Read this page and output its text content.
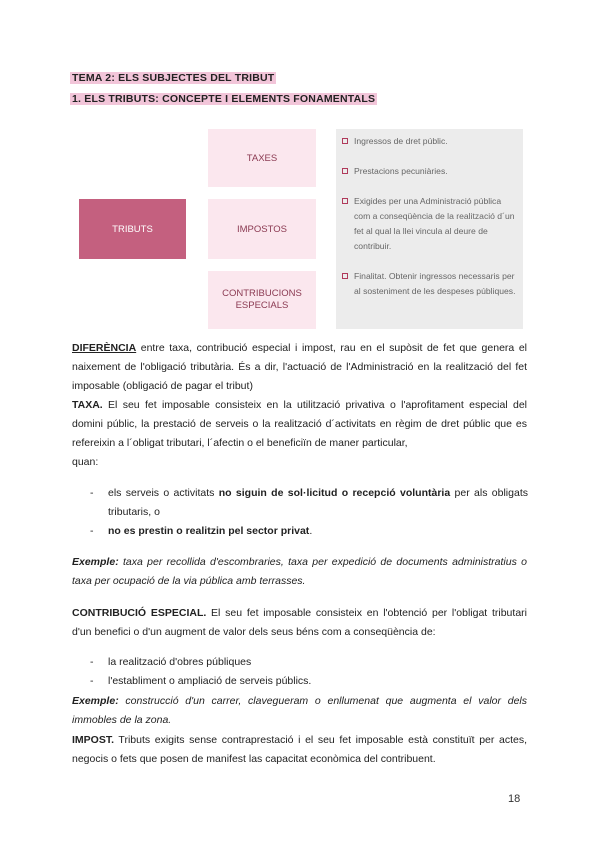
TEMA 2: ELS SUBJECTES DEL TRIBUT
1. ELS TRIBUTS: CONCEPTE I ELEMENTS FONAMENTALS
TRIBUTS
TAXES
IMPOSTOS
CONTRIBUCIONS
ESPECIALS
Ingressos de dret públic.
Prestacions pecuniàries.
Exigides per una Administració pública com a conseqüència de la realització d´un fet al qual la llei vincula al deure de contribuir.
Finalitat. Obtenir ingressos necessaris per al sosteniment de les despeses públiques.
DIFERÈNCIA entre taxa, contribució especial i impost, rau en el supòsit de fet que genera el naixement de l'obligació tributària. És a dir, l'actuació de l'Administració en la realització del fet imposable (obligació de pagar el tribut)
TAXA. El seu fet imposable consisteix en la utilització privativa o l'aprofitament especial del domini públic, la prestació de serveis o la realització d´activitats en règim de dret públic que es refereixin a l´obligat tributari, l´afectin o el beneficiïn de maner particular,
quan:
- els serveis o activitats no siguin de sol·licitud o recepció voluntària per als obligats tributaris, o
- no es prestin o realitzin pel sector privat.
Exemple: taxa per recollida d'escombraries, taxa per expedició de documents administratius o taxa per ocupació de la via pública amb terrasses.
CONTRIBUCIÓ ESPECIAL. El seu fet imposable consisteix en l'obtenció per l'obligat tributari d'un benefici o d'un augment de valor dels seus béns com a conseqüència de:
- la realització d'obres públiques
- l'establiment o ampliació de serveis públics.
Exemple: construcció d'un carrer, clavegueram o enllumenat que augmenta el valor dels immobles de la zona.
IMPOST. Tributs exigits sense contraprestació i el seu fet imposable està constituït per actes, negocis o fets que posen de manifest las capacitat econòmica del contribuent.
18
